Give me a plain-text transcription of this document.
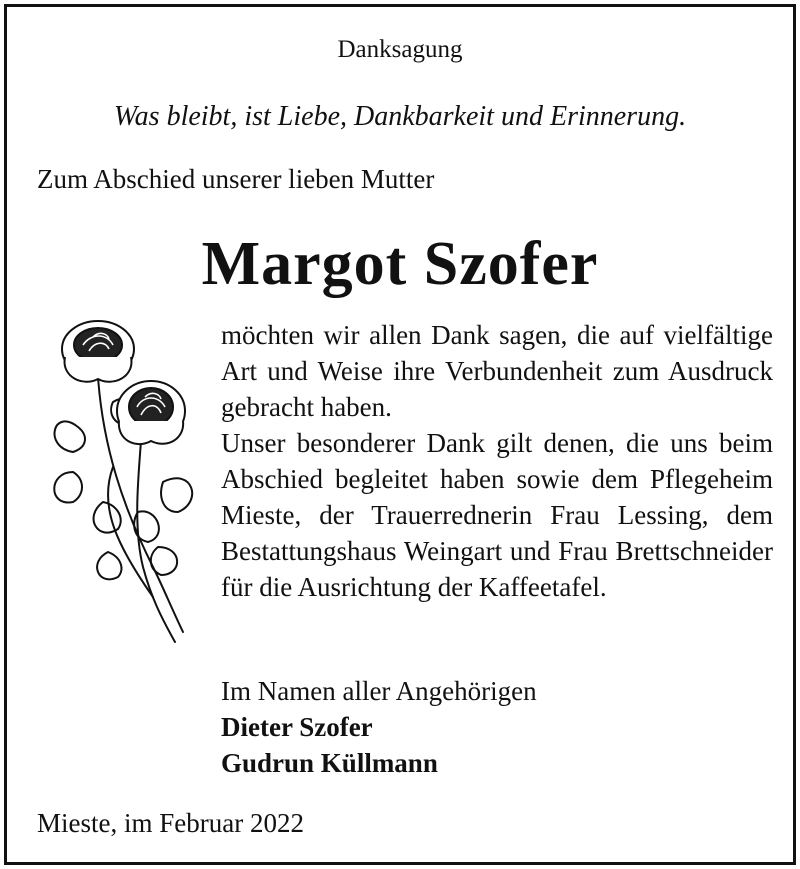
Danksagung
Was bleibt, ist Liebe, Dankbarkeit und Erinnerung.
Zum Abschied unserer lieben Mutter
Margot Szofer

möchten wir allen Dank sagen, die auf vielfältige Art und Weise ihre Verbundenheit zum Ausdruck gebracht haben.

Unser besonderer Dank gilt denen, die uns beim Abschied begleitet haben sowie dem Pflegeheim Mieste, der Trauerrednerin Frau Lessing, dem Bestattungshaus Weingart und Frau Brettschneider für die Ausrichtung der Kaffeetafel.

Im Namen aller Angehörigen
Dieter Szofer
Gudrun Küllmann
Mieste, im Februar 2022
